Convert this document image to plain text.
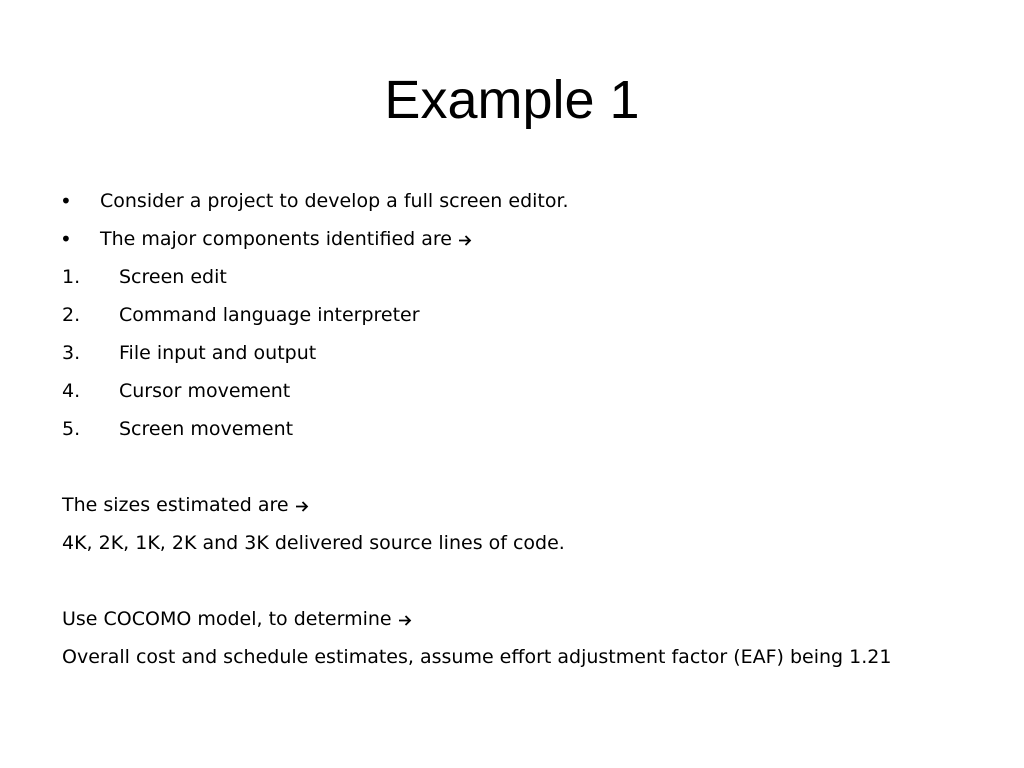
Example 1
• Consider a project to develop a full screen editor.
• The major components identified are
1. Screen edit
2. Command language interpreter
3. File input and output
4. Cursor movement
5. Screen movement
The sizes estimated are
4K, 2K, 1K, 2K and 3K delivered source lines of code.
Use COCOMO model, to determine
Overall cost and schedule estimates, assume effort adjustment factor (EAF) being 1.21
